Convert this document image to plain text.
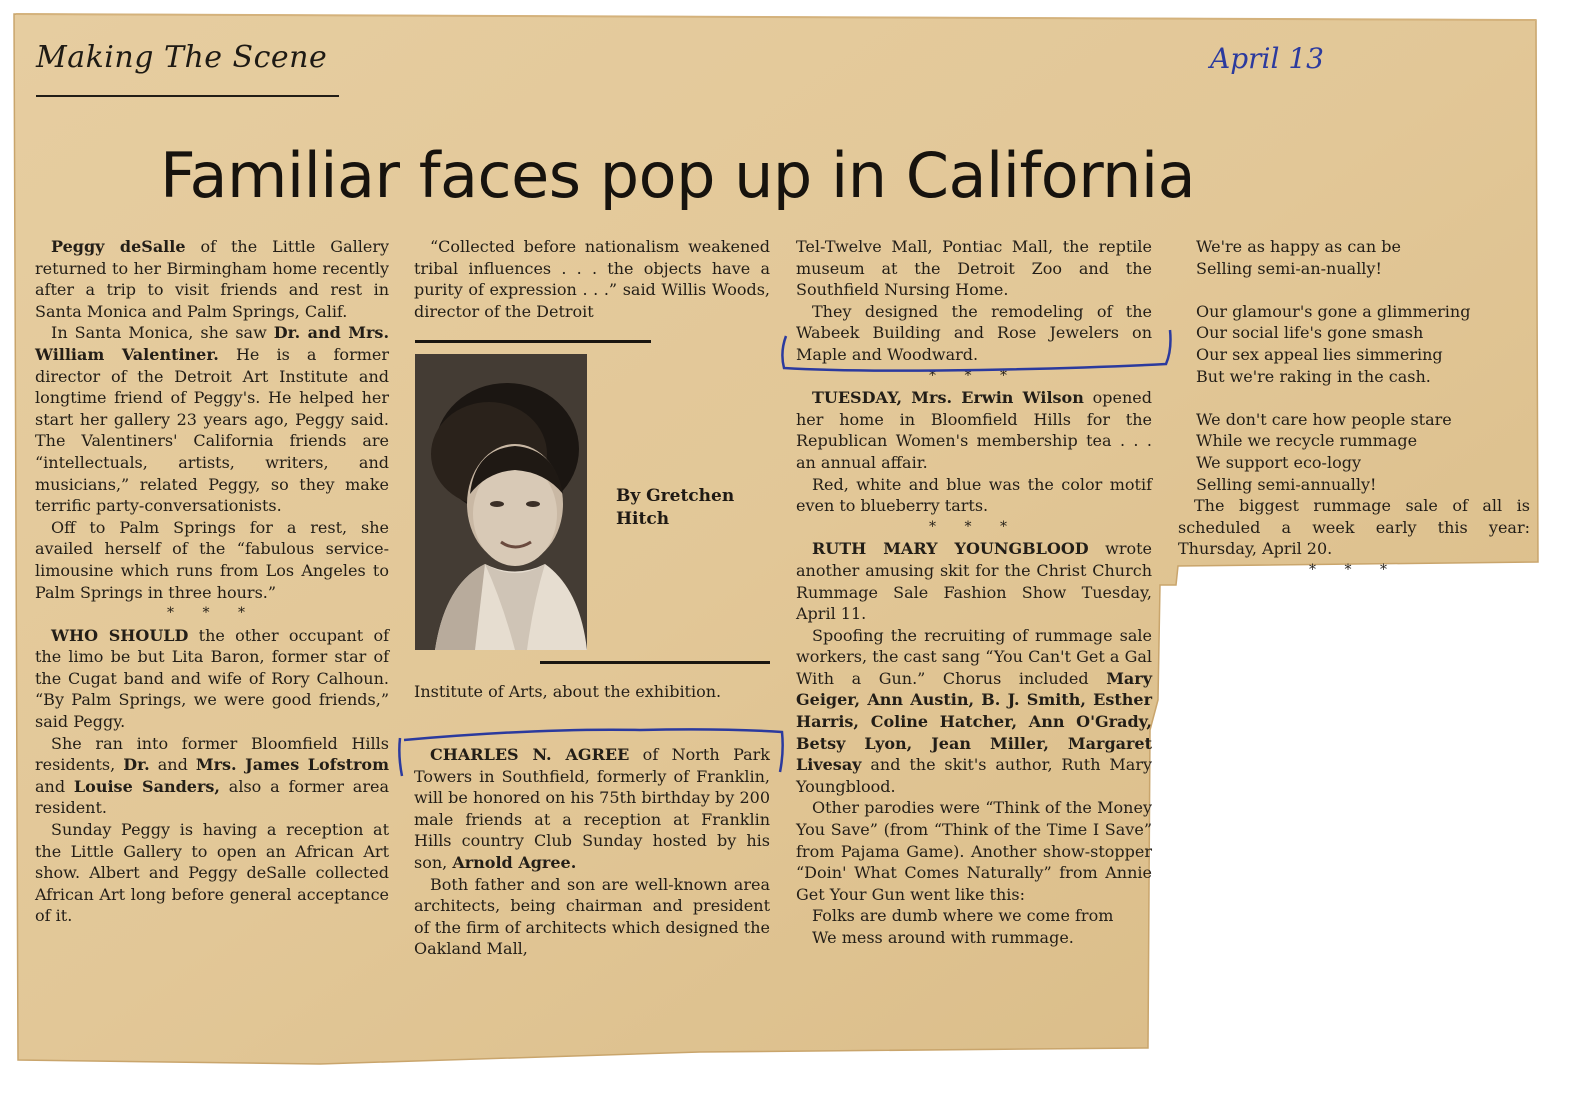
Making The Scene	April 13
Familiar faces pop up in California

Peggy deSalle of the Little Gallery returned to her Birmingham home recently after a trip to visit friends and rest in Santa Monica and Palm Springs, Calif.

In Santa Monica, she saw Dr. and Mrs. William Valentiner. He is a former director of the Detroit Art Institute and longtime friend of Peggy's. He helped her start her gallery 23 years ago, Peggy said. The Valentiners' California friends are “intellectuals, artists, writers, and musicians,” related Peggy, so they make terrific party-conversationists.

Off to Palm Springs for a rest, she availed herself of the “fabulous service-limousine which runs from Los Angeles to Palm Springs in three hours.”

* * *

WHO SHOULD the other occupant of the limo be but Lita Baron, former star of the Cugat band and wife of Rory Calhoun. “By Palm Springs, we were good friends,” said Peggy.

She ran into former Bloomfield Hills residents, Dr. and Mrs. James Lofstrom and Louise Sanders, also a former area resident.

Sunday Peggy is having a reception at the Little Gallery to open an African Art show. Albert and Peggy deSalle collected African Art long before general acceptance of it.

“Collected before nationalism weakened tribal influences . . . the objects have a purity of expression . . .” said Willis Woods, director of the Detroit

By Gretchen Hitch

Institute of Arts, about the exhibition.

CHARLES N. AGREE of North Park Towers in Southfield, formerly of Franklin, will be honored on his 75th birthday by 200 male friends at a reception at Franklin Hills country Club Sunday hosted by his son, Arnold Agree.

Both father and son are well-known area architects, being chairman and president of the firm of architects which designed the Oakland Mall,

Tel-Twelve Mall, Pontiac Mall, the reptile museum at the Detroit Zoo and the Southfield Nursing Home.

They designed the remodeling of the Wabeek Building and Rose Jewelers on Maple and Woodward.

* * *

TUESDAY, Mrs. Erwin Wilson opened her home in Bloomfield Hills for the Republican Women's membership tea . . . an annual affair.

Red, white and blue was the color motif even to blueberry tarts.

* * *

RUTH MARY YOUNGBLOOD wrote another amusing skit for the Christ Church Rummage Sale Fashion Show Tuesday, April 11.

Spoofing the recruiting of rummage sale workers, the cast sang “You Can't Get a Gal With a Gun.” Chorus included Mary Geiger, Ann Austin, B. J. Smith, Esther Harris, Coline Hatcher, Ann O'Grady, Betsy Lyon, Jean Miller, Margaret Livesay and the skit's author, Ruth Mary Youngblood.

Other parodies were “Think of the Money You Save” (from “Think of the Time I Save” from Pajama Game). Another show-stopper “Doin' What Comes Naturally” from Annie Get Your Gun went like this:

Folks are dumb where we come from

We mess around with rummage.

We're as happy as can be

Selling semi-an-nually!

Our glamour's gone a glimmering

Our social life's gone smash

Our sex appeal lies simmering

But we're raking in the cash.

We don't care how people stare

While we recycle rummage

We support eco-logy

Selling semi-annually!

The biggest rummage sale of all is scheduled a week early this year: Thursday, April 20.

* * *
